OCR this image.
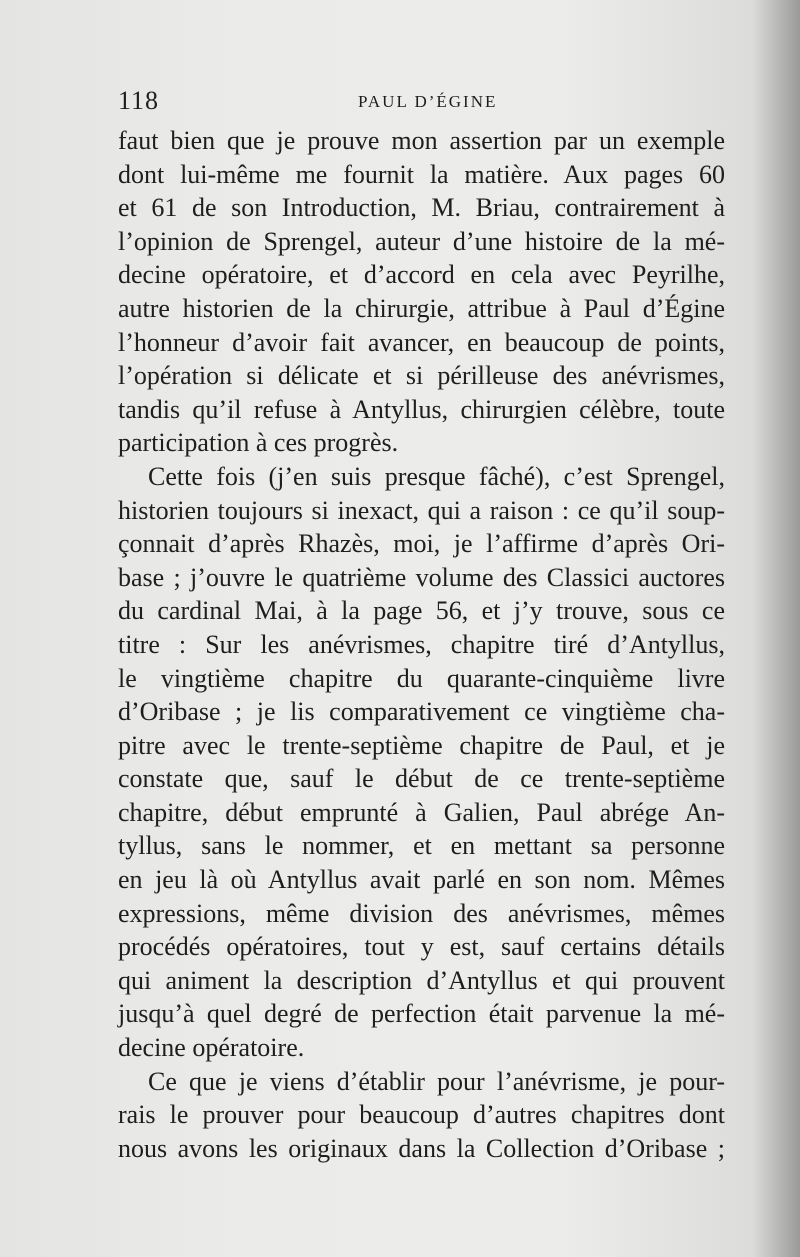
118	PAUL D’ÉGINE
faut bien que je prouve mon assertion par un exemple
dont lui-même me fournit la matière. Aux pages 60
et 61 de son Introduction, M. Briau, contrairement à
l’opinion de Sprengel, auteur d’une histoire de la mé-
decine opératoire, et d’accord en cela avec Peyrilhe,
autre historien de la chirurgie, attribue à Paul d’Égine
l’honneur d’avoir fait avancer, en beaucoup de points,
l’opération si délicate et si périlleuse des anévrismes,
tandis qu’il refuse à Antyllus, chirurgien célèbre, toute
participation à ces progrès.
Cette fois (j’en suis presque fâché), c’est Sprengel,
historien toujours si inexact, qui a raison : ce qu’il soup-
çonnait d’après Rhazès, moi, je l’affirme d’après Ori-
base ; j’ouvre le quatrième volume des Classici auctores
du cardinal Mai, à la page 56, et j’y trouve, sous ce
titre : Sur les anévrismes, chapitre tiré d’Antyllus,
le vingtième chapitre du quarante-cinquième livre
d’Oribase ; je lis comparativement ce vingtième cha-
pitre avec le trente-septième chapitre de Paul, et je
constate que, sauf le début de ce trente-septième
chapitre, début emprunté à Galien, Paul abrége An-
tyllus, sans le nommer, et en mettant sa personne
en jeu là où Antyllus avait parlé en son nom. Mêmes
expressions, même division des anévrismes, mêmes
procédés opératoires, tout y est, sauf certains détails
qui animent la description d’Antyllus et qui prouvent
jusqu’à quel degré de perfection était parvenue la mé-
decine opératoire.
Ce que je viens d’établir pour l’anévrisme, je pour-
rais le prouver pour beaucoup d’autres chapitres dont
nous avons les originaux dans la Collection d’Oribase ;
